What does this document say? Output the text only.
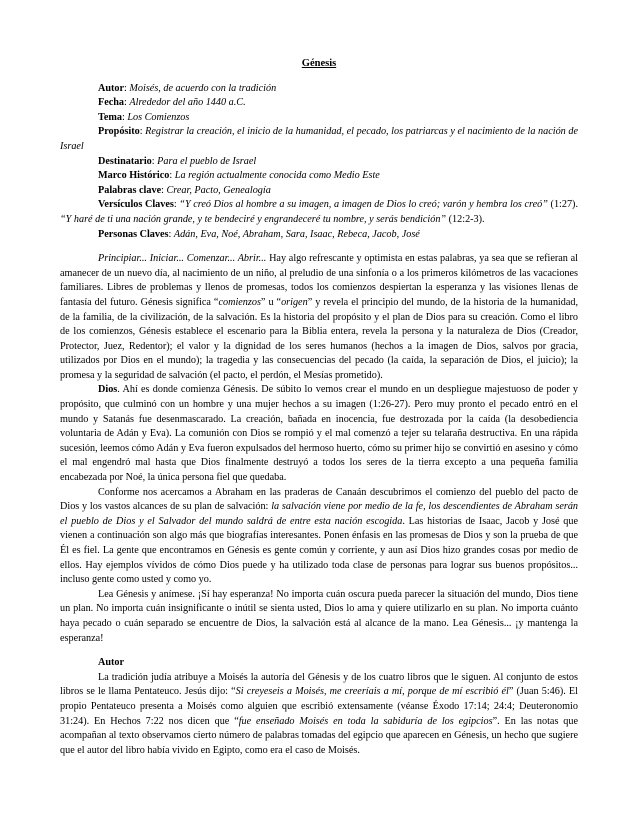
Génesis

Autor: Moisés, de acuerdo con la tradición

Fecha: Alrededor del año 1440 a.C.

Tema: Los Comienzos

Propósito: Registrar la creación, el inicio de la humanidad, el pecado, los patriarcas y el nacimiento de la nación de Israel

Destinatario: Para el pueblo de Israel

Marco Histórico: La región actualmente conocida como Medio Este

Palabras clave: Crear, Pacto, Genealogía

Versículos Claves: “Y creó Dios al hombre a su imagen, a imagen de Dios lo creó; varón y hembra los creó” (1:27). “Y haré de ti una nación grande, y te bendeciré y engrandeceré tu nombre, y serás bendición” (12:2-3).

Personas Claves: Adán, Eva, Noé, Abraham, Sara, Isaac, Rebeca, Jacob, José

Principiar... Iniciar... Comenzar... Abrir... Hay algo refrescante y optimista en estas palabras, ya sea que se refieran al amanecer de un nuevo día, al nacimiento de un niño, al preludio de una sinfonía o a los primeros kilómetros de las vacaciones familiares. Libres de problemas y llenos de promesas, todos los comienzos despiertan la esperanza y las visiones llenas de fantasía del futuro. Génesis significa “comienzos” u “origen” y revela el principio del mundo, de la historia de la humanidad, de la familia, de la civilización, de la salvación. Es la historia del propósito y el plan de Dios para su creación. Como el libro de los comienzos, Génesis establece el escenario para la Biblia entera, revela la persona y la naturaleza de Dios (Creador, Protector, Juez, Redentor); el valor y la dignidad de los seres humanos (hechos a la imagen de Dios, salvos por gracia, utilizados por Dios en el mundo); la tragedia y las consecuencias del pecado (la caída, la separación de Dios, el juicio); la promesa y la seguridad de salvación (el pacto, el perdón, el Mesías prometido).

Dios. Ahí es donde comienza Génesis. De súbito lo vemos crear el mundo en un despliegue majestuoso de poder y propósito, que culminó con un hombre y una mujer hechos a su imagen (1:26-27). Pero muy pronto el pecado entró en el mundo y Satanás fue desenmascarado. La creación, bañada en inocencia, fue destrozada por la caída (la desobediencia voluntaria de Adán y Eva). La comunión con Dios se rompió y el mal comenzó a tejer su telaraña destructiva. En una rápida sucesión, leemos cómo Adán y Eva fueron expulsados del hermoso huerto, cómo su primer hijo se convirtió en asesino y cómo el mal engendró mal hasta que Dios finalmente destruyó a todos los seres de la tierra excepto a una pequeña familia encabezada por Noé, la única persona fiel que quedaba.

Conforme nos acercamos a Abraham en las praderas de Canaán descubrimos el comienzo del pueblo del pacto de Dios y los vastos alcances de su plan de salvación: la salvación viene por medio de la fe, los descendientes de Abraham serán el pueblo de Dios y el Salvador del mundo saldrá de entre esta nación escogida. Las historias de Isaac, Jacob y José que vienen a continuación son algo más que biografías interesantes. Ponen énfasis en las promesas de Dios y son la prueba de que Él es fiel. La gente que encontramos en Génesis es gente común y corriente, y aun así Dios hizo grandes cosas por medio de ellos. Hay ejemplos vívidos de cómo Dios puede y ha utilizado toda clase de personas para lograr sus buenos propósitos... incluso gente como usted y como yo.

Lea Génesis y anímese. ¡Sí hay esperanza! No importa cuán oscura pueda parecer la situación del mundo, Dios tiene un plan. No importa cuán insignificante o inútil se sienta usted, Dios lo ama y quiere utilizarlo en su plan. No importa cuánto haya pecado o cuán separado se encuentre de Dios, la salvación está al alcance de la mano. Lea Génesis... ¡y mantenga la esperanza!

Autor

La tradición judía atribuye a Moisés la autoría del Génesis y de los cuatro libros que le siguen. Al conjunto de estos libros se le llama Pentateuco. Jesús dijo: “Si creyeseis a Moisés, me creeríais a mí, porque de mí escribió él” (Juan 5:46). El propio Pentateuco presenta a Moisés como alguien que escribió extensamente (véanse Éxodo 17:14; 24:4; Deuteronomio 31:24). En Hechos 7:22 nos dicen que “fue enseñado Moisés en toda la sabiduría de los egipcios”. En las notas que acompañan al texto observamos cierto número de palabras tomadas del egipcio que aparecen en Génesis, un hecho que sugiere que el autor del libro había vivido en Egipto, como era el caso de Moisés.
